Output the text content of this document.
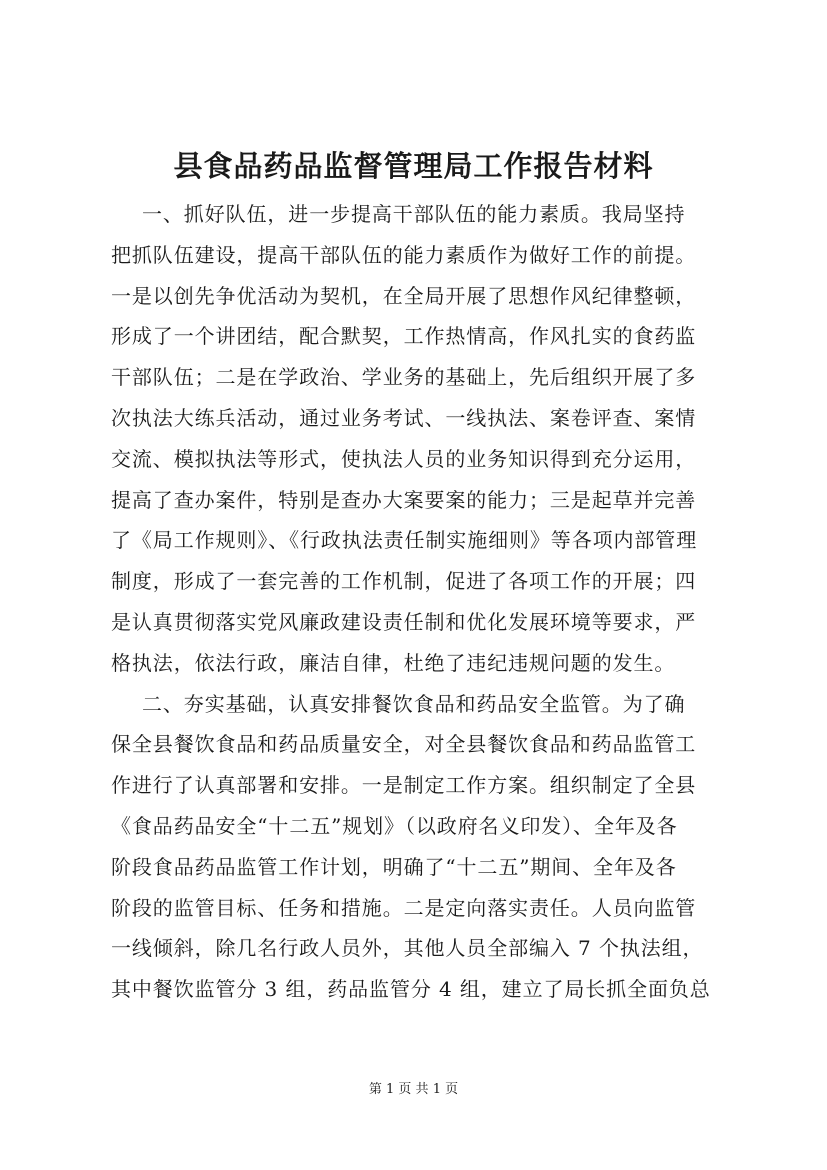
县食品药品监督管理局工作报告材料
一、抓好队伍，进一步提高干部队伍的能力素质。我局坚持
把抓队伍建设，提高干部队伍的能力素质作为做好工作的前提。
一是以创先争优活动为契机，在全局开展了思想作风纪律整顿，
形成了一个讲团结，配合默契，工作热情高，作风扎实的食药监
干部队伍；二是在学政治、学业务的基础上，先后组织开展了多
次执法大练兵活动，通过业务考试、一线执法、案卷评查、案情
交流、模拟执法等形式，使执法人员的业务知识得到充分运用，
提高了查办案件，特别是查办大案要案的能力；三是起草并完善
了《局工作规则》、《行政执法责任制实施细则》等各项内部管理
制度，形成了一套完善的工作机制，促进了各项工作的开展；四
是认真贯彻落实党风廉政建设责任制和优化发展环境等要求，严
格执法，依法行政，廉洁自律，杜绝了违纪违规问题的发生。
二、夯实基础，认真安排餐饮食品和药品安全监管。为了确
保全县餐饮食品和药品质量安全，对全县餐饮食品和药品监管工
作进行了认真部署和安排。一是制定工作方案。组织制定了全县
《食品药品安全“十二五”规划》（以政府名义印发）、全年及各
阶段食品药品监管工作计划，明确了“十二五”期间、全年及各
阶段的监管目标、任务和措施。二是定向落实责任。人员向监管
一线倾斜，除几名行政人员外，其他人员全部编入 7 个执法组，
其中餐饮监管分 3 组，药品监管分 4 组，建立了局长抓全面负总
第 1 页 共 1 页
